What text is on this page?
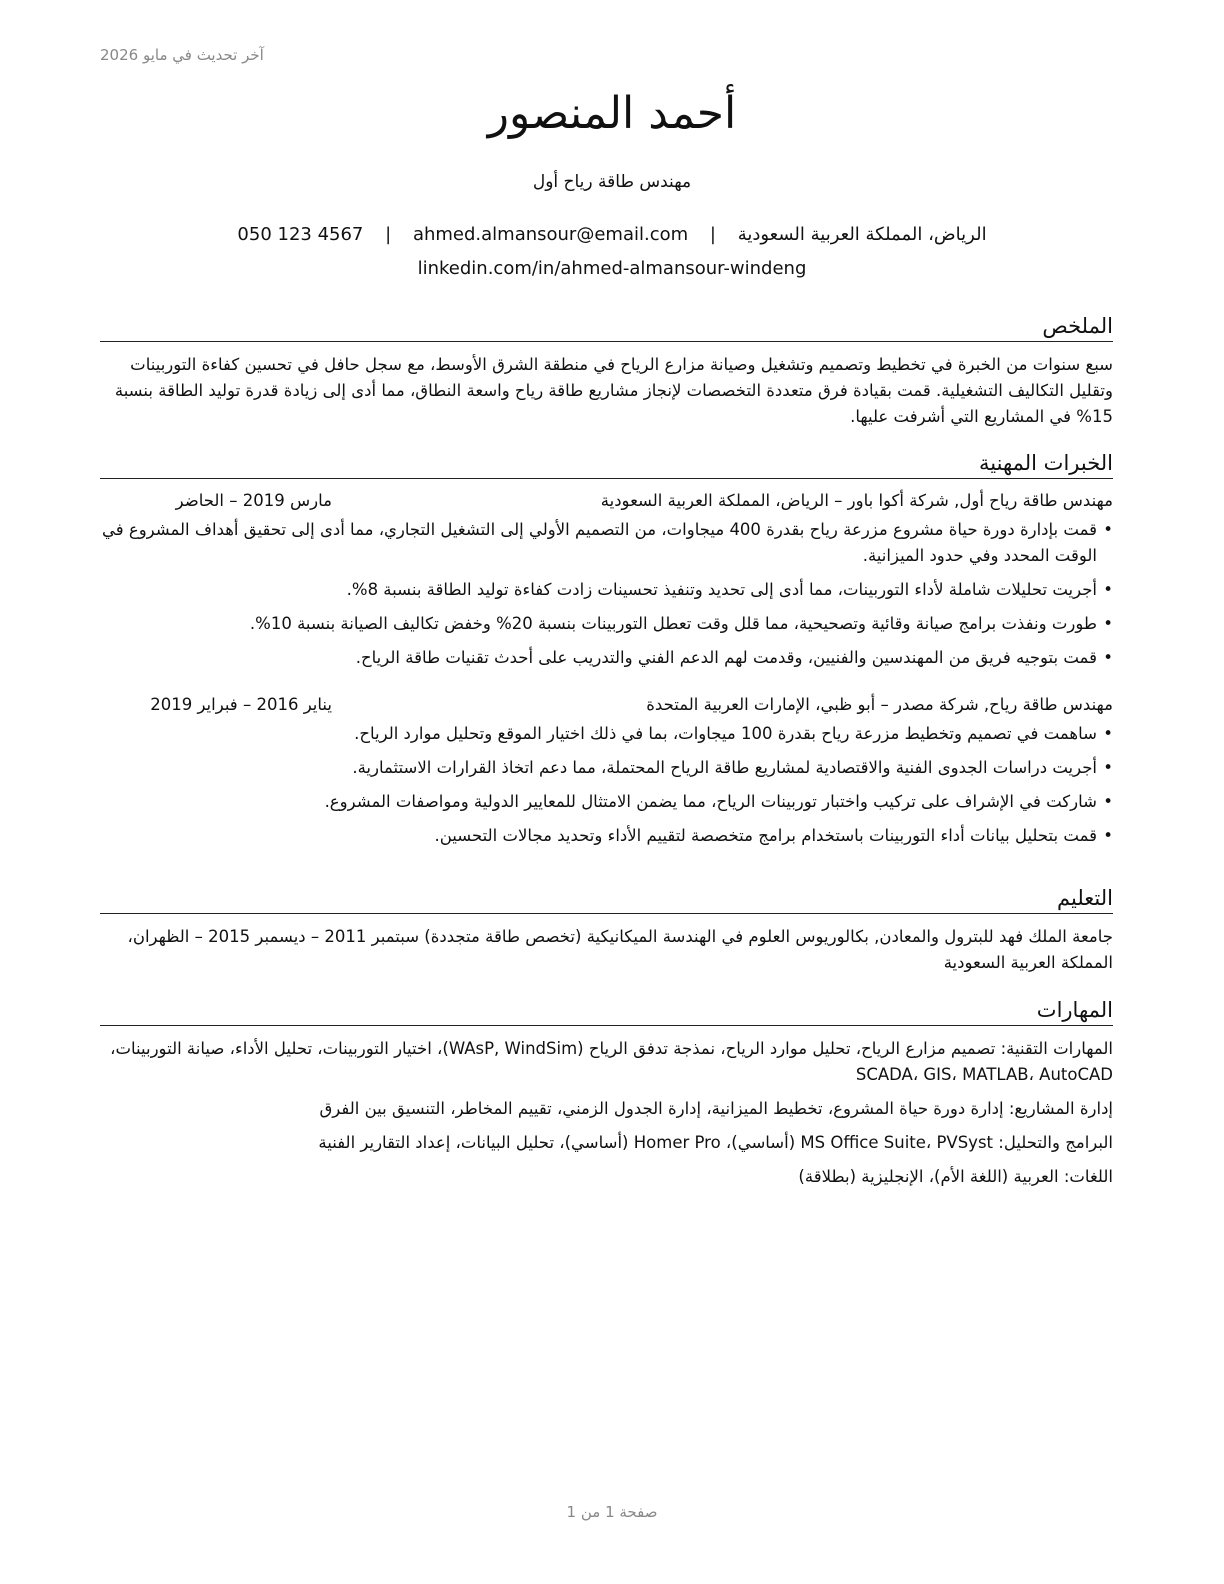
آخر تحديث في مايو 2026
أحمد المنصور
مهندس طاقة رياح أول
الرياض، المملكة العربية السعودية | ahmed.almansour@email.com | 050 123 4567
linkedin.com/in/ahmed-almansour-windeng
الملخص

سبع سنوات من الخبرة في تخطيط وتصميم وتشغيل وصيانة مزارع الرياح في منطقة الشرق الأوسط، مع سجل حافل في تحسين كفاءة التوربينات وتقليل التكاليف التشغيلية. قمت بقيادة فرق متعددة التخصصات لإنجاز مشاريع طاقة رياح واسعة النطاق، مما أدى إلى زيادة قدرة توليد الطاقة بنسبة 15% في المشاريع التي أشرفت عليها.

الخبرات المهنية
مهندس طاقة رياح أول, شركة أكوا باور – الرياض، المملكة العربية السعودية
مارس 2019 – الحاضر
• قمت بإدارة دورة حياة مشروع مزرعة رياح بقدرة 400 ميجاوات، من التصميم الأولي إلى التشغيل التجاري، مما أدى إلى تحقيق أهداف المشروع في الوقت المحدد وفي حدود الميزانية.
• أجريت تحليلات شاملة لأداء التوربينات، مما أدى إلى تحديد وتنفيذ تحسينات زادت كفاءة توليد الطاقة بنسبة 8%.
• طورت ونفذت برامج صيانة وقائية وتصحيحية، مما قلل وقت تعطل التوربينات بنسبة 20% وخفض تكاليف الصيانة بنسبة 10%.
• قمت بتوجيه فريق من المهندسين والفنيين، وقدمت لهم الدعم الفني والتدريب على أحدث تقنيات طاقة الرياح.
مهندس طاقة رياح, شركة مصدر – أبو ظبي، الإمارات العربية المتحدة
يناير 2016 – فبراير 2019
• ساهمت في تصميم وتخطيط مزرعة رياح بقدرة 100 ميجاوات، بما في ذلك اختيار الموقع وتحليل موارد الرياح.
• أجريت دراسات الجدوى الفنية والاقتصادية لمشاريع طاقة الرياح المحتملة، مما دعم اتخاذ القرارات الاستثمارية.
• شاركت في الإشراف على تركيب واختبار توربينات الرياح، مما يضمن الامتثال للمعايير الدولية ومواصفات المشروع.
• قمت بتحليل بيانات أداء التوربينات باستخدام برامج متخصصة لتقييم الأداء وتحديد مجالات التحسين.
التعليم

جامعة الملك فهد للبترول والمعادن, بكالوريوس العلوم في الهندسة الميكانيكية (تخصص طاقة متجددة) سبتمبر 2011 – ديسمبر 2015 – الظهران، المملكة العربية السعودية

المهارات

المهارات التقنية: تصميم مزارع الرياح، تحليل موارد الرياح، نمذجة تدفق الرياح (WAsP, WindSim)، اختيار التوربينات، تحليل الأداء، صيانة التوربينات، SCADA، GIS، MATLAB، AutoCAD

إدارة المشاريع: إدارة دورة حياة المشروع، تخطيط الميزانية، إدارة الجدول الزمني، تقييم المخاطر، التنسيق بين الفرق

البرامج والتحليل: MS Office Suite، PVSyst (أساسي)، Homer Pro (أساسي)، تحليل البيانات، إعداد التقارير الفنية

اللغات: العربية (اللغة الأم)، الإنجليزية (بطلاقة)

صفحة 1 من 1
